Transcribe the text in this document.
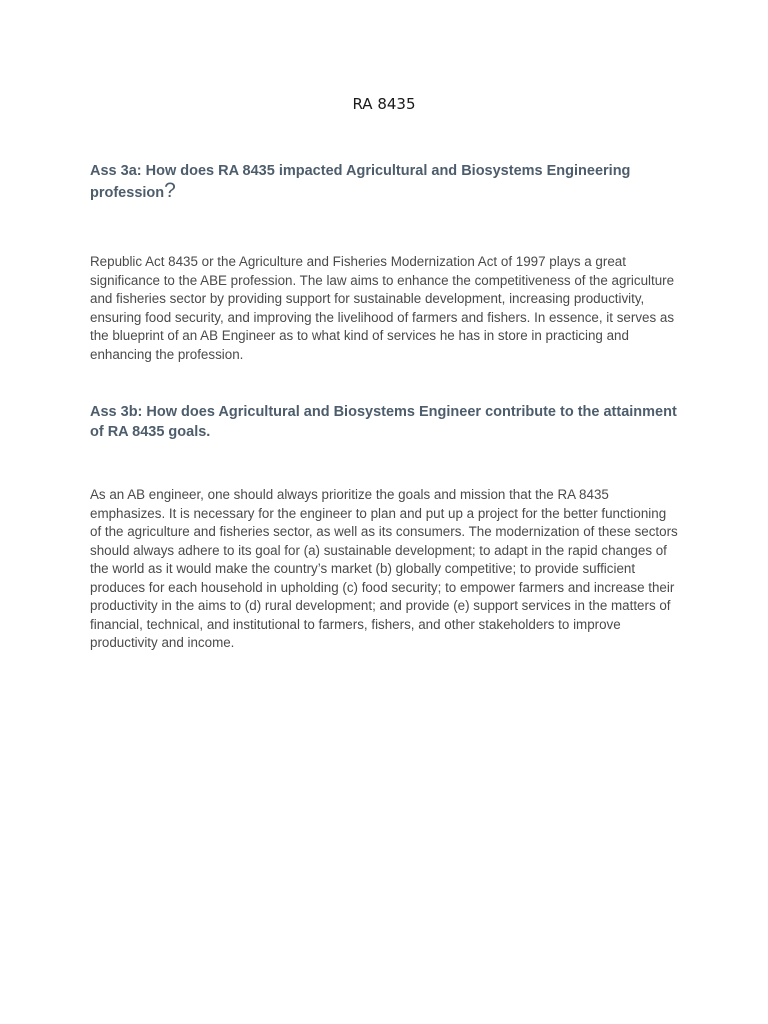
RA 8435
Ass 3a: How does RA 8435 impacted Agricultural and Biosystems Engineering profession?

Republic Act 8435 or the Agriculture and Fisheries Modernization Act of 1997 plays a great significance to the ABE profession. The law aims to enhance the competitiveness of the agriculture and fisheries sector by providing support for sustainable development, increasing productivity, ensuring food security, and improving the livelihood of farmers and fishers. In essence, it serves as the blueprint of an AB Engineer as to what kind of services he has in store in practicing and enhancing the profession.

Ass 3b: How does Agricultural and Biosystems Engineer contribute to the attainment of RA 8435 goals.

As an AB engineer, one should always prioritize the goals and mission that the RA 8435 emphasizes. It is necessary for the engineer to plan and put up a project for the better functioning of the agriculture and fisheries sector, as well as its consumers. The modernization of these sectors should always adhere to its goal for (a) sustainable development; to adapt in the rapid changes of the world as it would make the country’s market (b) globally competitive; to provide sufficient produces for each household in upholding (c) food security; to empower farmers and increase their productivity in the aims to (d) rural development; and provide (e) support services in the matters of financial, technical, and institutional to farmers, fishers, and other stakeholders to improve productivity and income.
